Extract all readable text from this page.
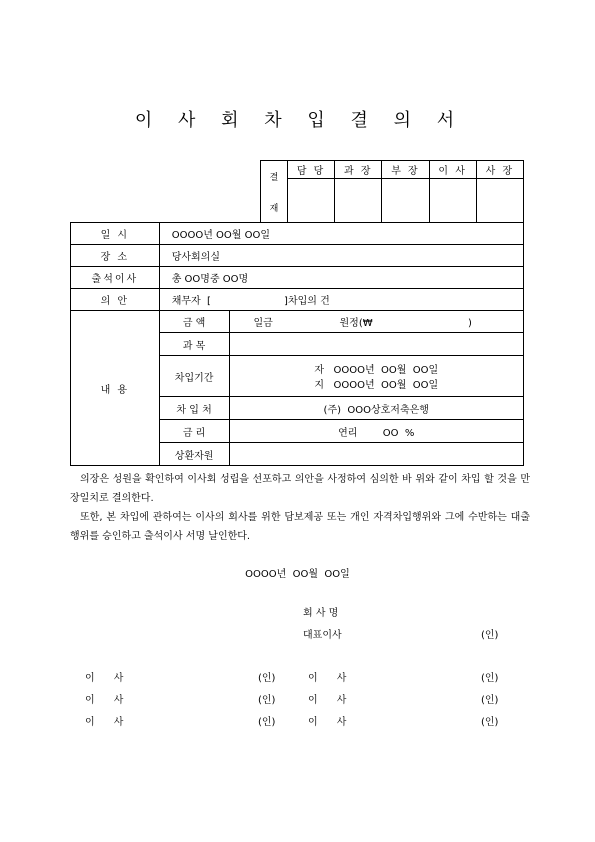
이 사 회 차 입 결 의 서
결
재	담 당	과 장	부 장	이 사	사 장

일 시	OOOO년 OO월 OO일	
장 소	당사회의실	
출석이사	총 OO명중 OO명	
의 안	채무자  [                       ]차입의 건	
내 용	금 액	일금 원정(₩                              )
	과 목	
	차입기간	자   OOOO년  OO월  OO일
지   OOOO년  OO월  OO일

	차 입 처	(주)  OOO상호저축은행
	금 리	연리        OO  %
	상환자원	

의장은 성원을 확인하여 이사회 성립을 선포하고 의안을 사정하여 심의한 바 위와 같이 차입 할 것을 만장일치로 결의한다.

또한, 본 차입에 관하여는 이사의 회사를 위한 담보제공 또는 개인 자격차입행위와 그에 수반하는 대출행위를 승인하고 출석이사 서명 날인한다.

OOOO년  OO월  OO일
회 사 명
대표이사	(인)
이      사	(인)	이      사	(인)
이      사	(인)	이      사	(인)
이      사	(인)	이      사	(인)
